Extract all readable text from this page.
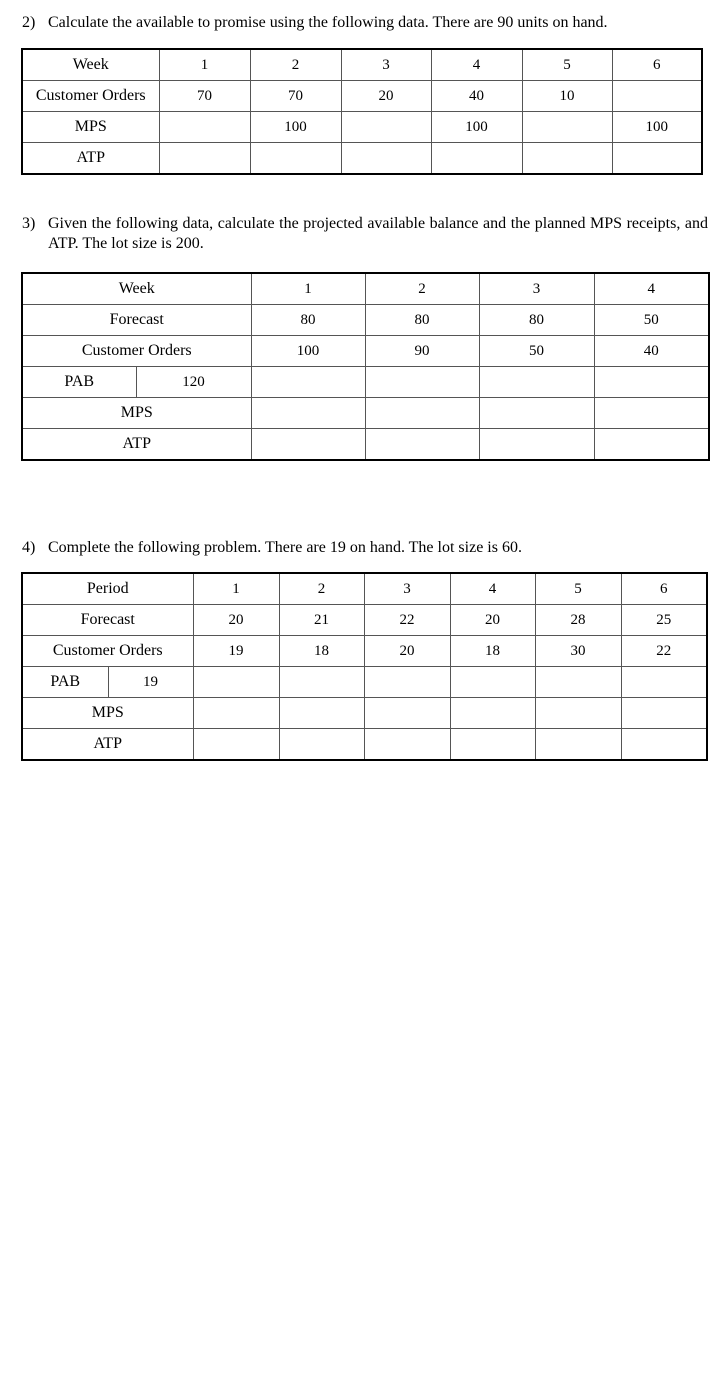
2) Calculate the available to promise using the following data. There are 90 units on hand.
Week	1	2	3	4	5	6
Customer Orders	70	70	20	40	10	
MPS		100		100		100
ATP						
3) Given the following data, calculate the projected available balance and the planned MPS receipts, and ATP. The lot size is 200.
Week		1	2	3	4
Forecast		80	80	80	50
Customer Orders		100	90	50	40
PAB	120				
MPS					
ATP					
4) Complete the following problem. There are 19 on hand. The lot size is 60.
Period		1	2	3	4	5	6
Forecast		20	21	22	20	28	25
Customer Orders		19	18	20	18	30	22
PAB	19						
MPS							
ATP							
